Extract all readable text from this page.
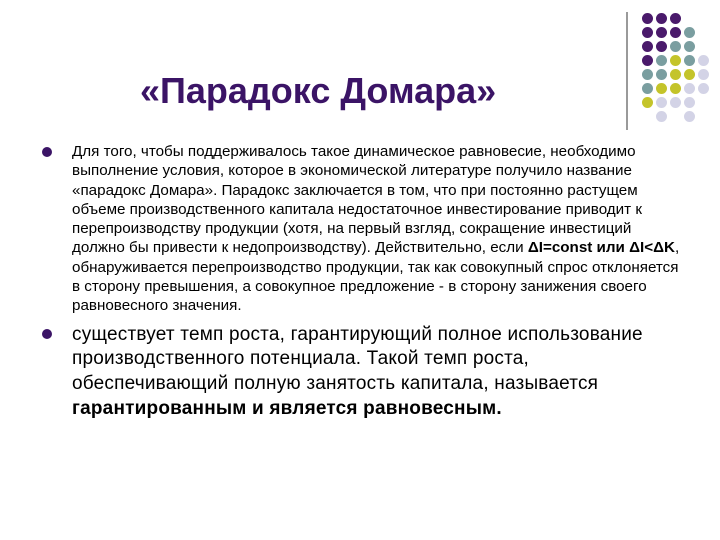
«Парадокс Домара»
Для того, чтобы поддерживалось такое динамическое равновесие, необходимо выполнение условия, которое в экономической литературе получило название «парадокс Домара». Парадокс заключается в том, что при постоянно растущем объеме производственного капитала недостаточное инвестирование приводит к перепроизводству продукции (хотя, на первый взгляд, сокращение инвестиций должно бы привести к недопроизводству). Действительно, если ΔI=const или ΔI<ΔK, обнаруживается перепроизводство продукции, так как совокупный спрос отклоняется в сторону превышения, а совокупное предложение - в сторону занижения своего равновесного значения.
существует темп роста, гарантирующий полное использование производственного потенциала. Такой темп роста, обеспечивающий полную занятость капитала, называется гарантированным и является равновесным.
